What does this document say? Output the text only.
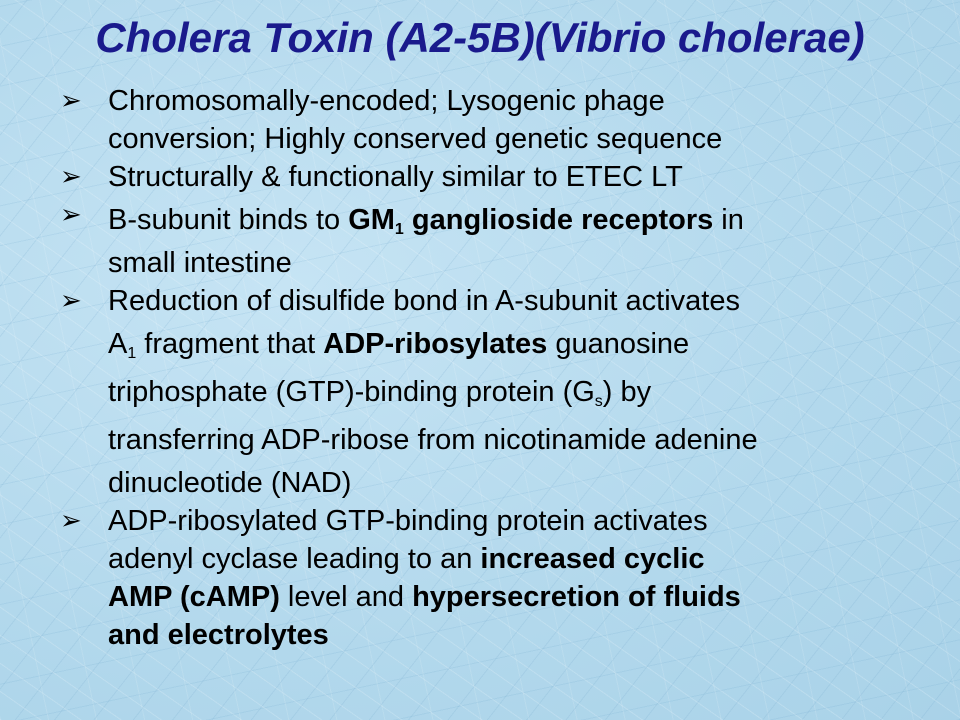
Cholera Toxin (A2-5B)(Vibrio cholerae)
➢ Chromosomally-encoded; Lysogenic phage
conversion; Highly conserved genetic sequence
➢ Structurally & functionally similar to ETEC LT
➢ B-subunit binds to $GM_1$ ganglioside receptors in
small intestine
➢ Reduction of disulfide bond in A-subunit activates
$A_1$ fragment that ADP-ribosylates guanosine
triphosphate (GTP)-binding protein $(G_s)$ by
transferring ADP-ribose from nicotinamide adenine
dinucleotide (NAD)
➢ ADP-ribosylated GTP-binding protein activates
adenyl cyclase leading to an increased cyclic
AMP (cAMP) level and hypersecretion of fluids
and electrolytes
